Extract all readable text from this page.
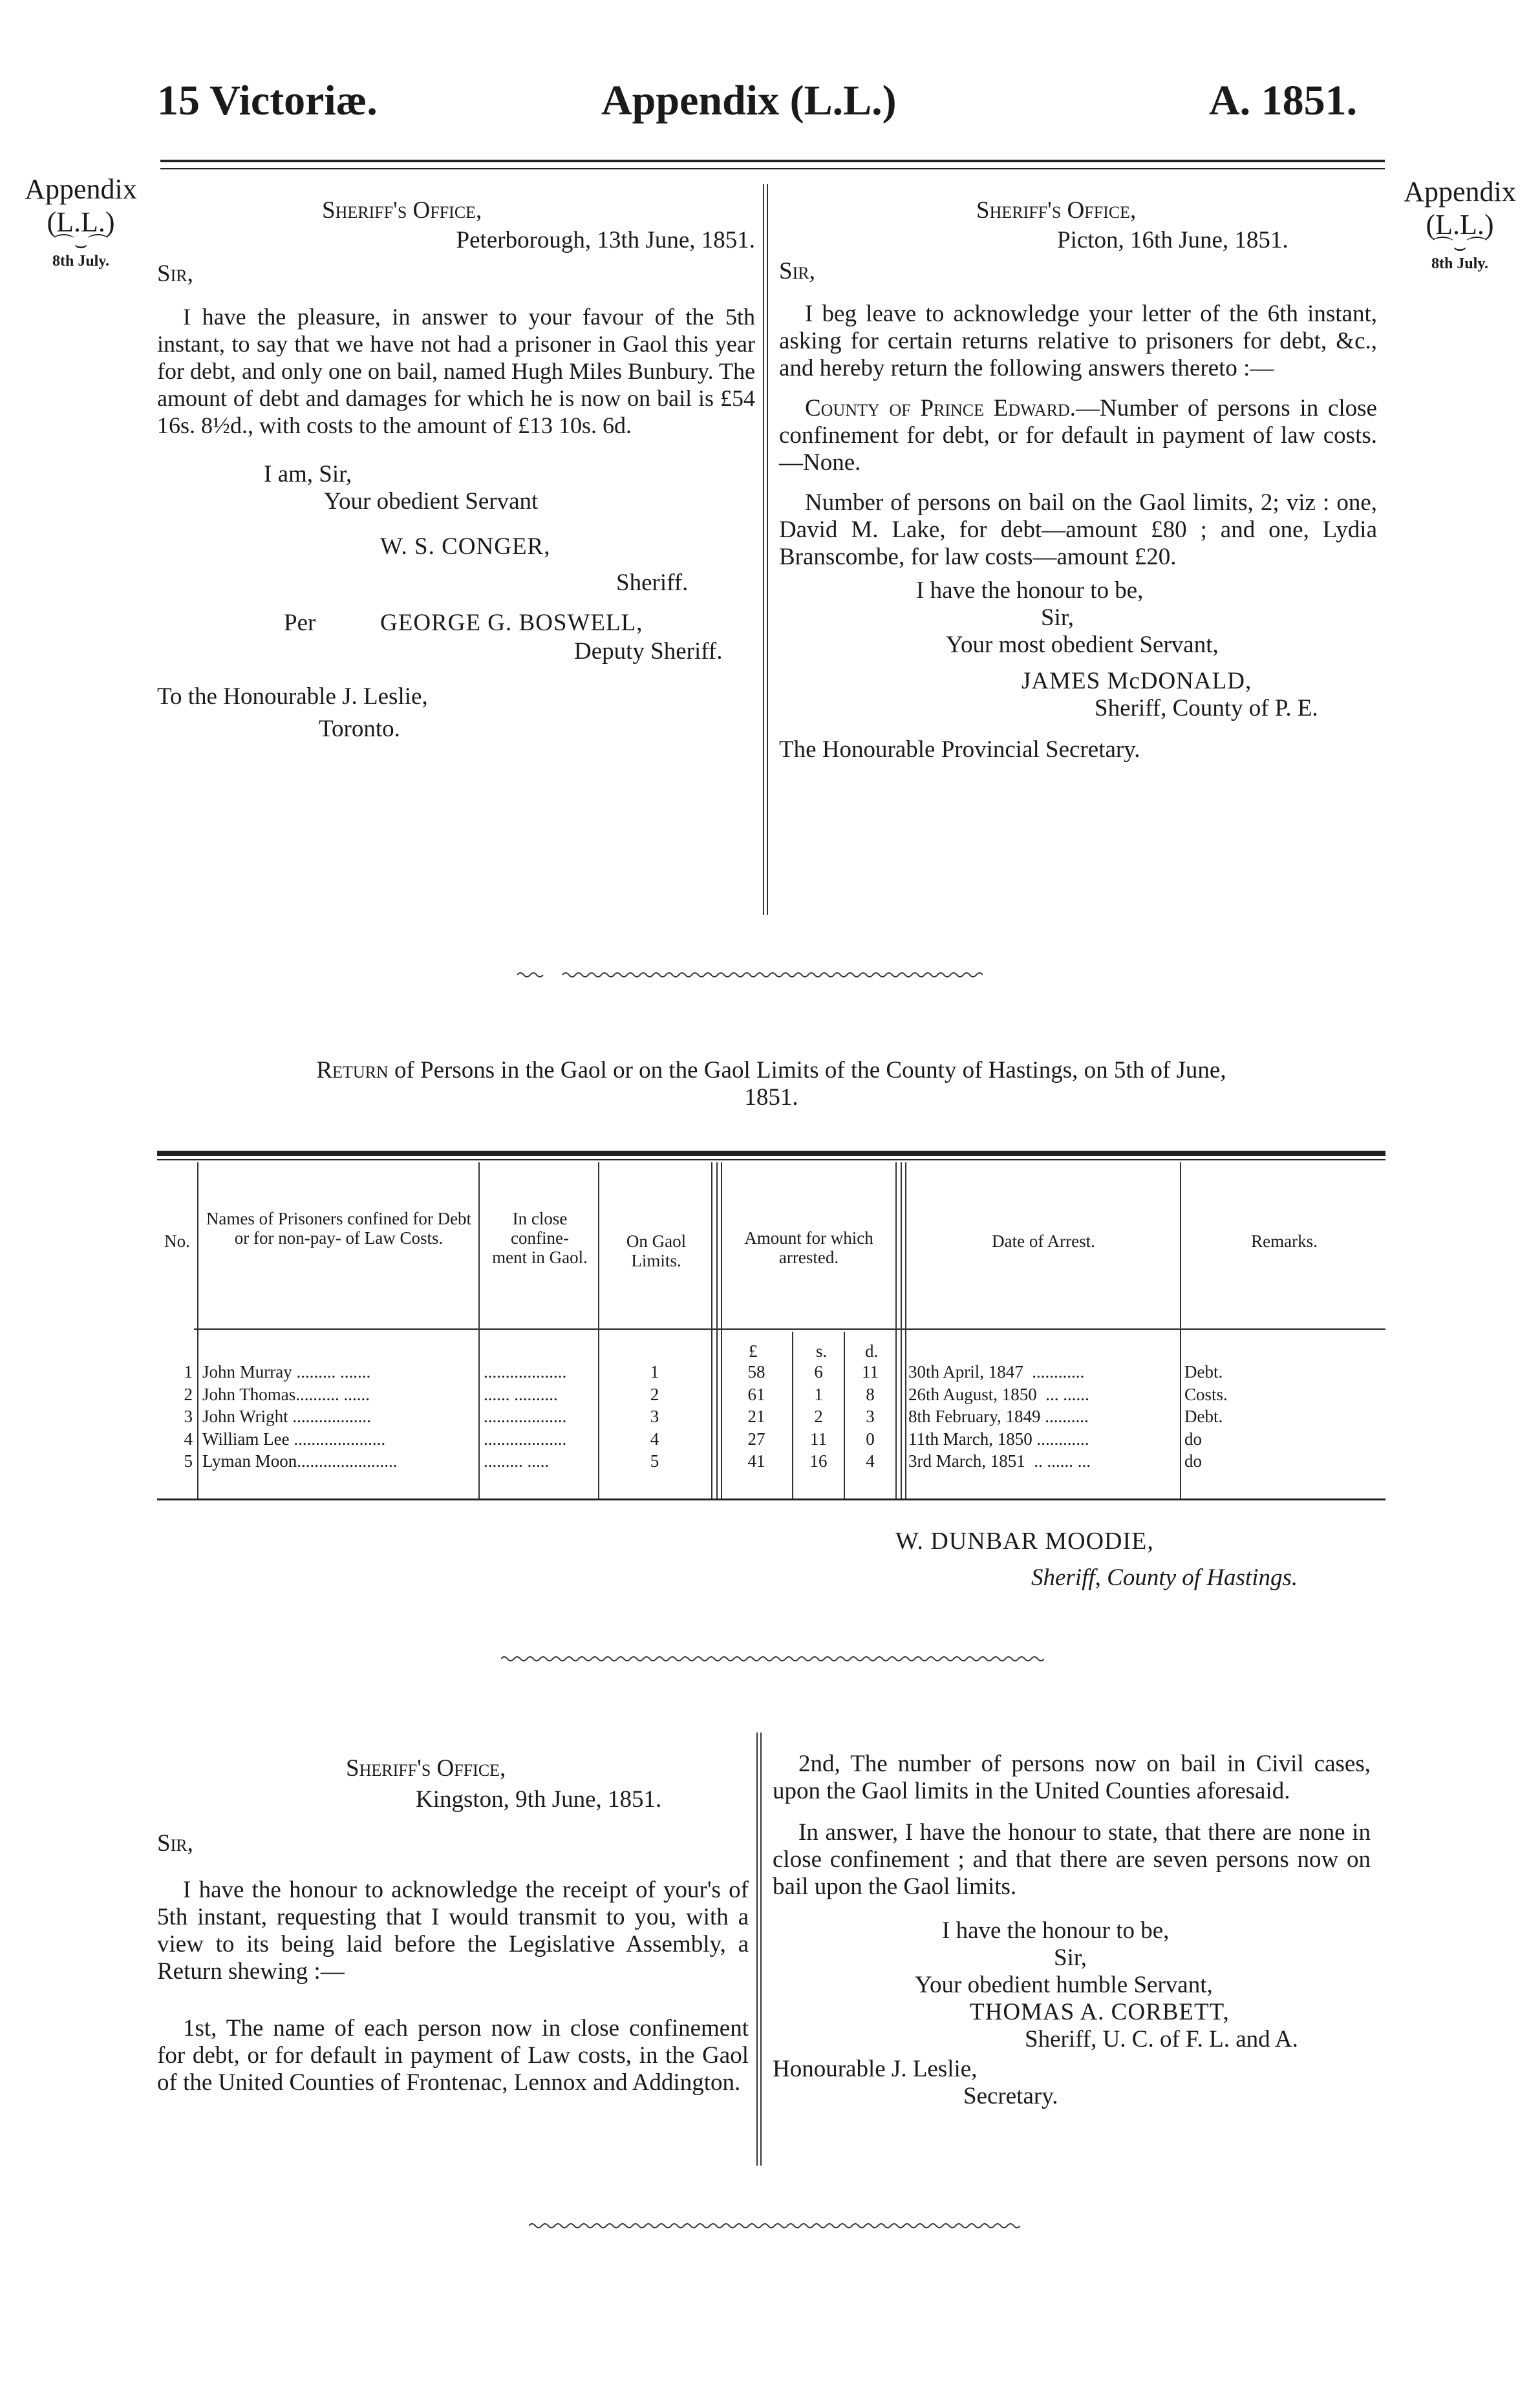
15 Victoriæ.	Appendix (L.L.)	A. 1851.
Appendix
(L.L.)
⌒⌣⌒
8th July.
Appendix
(L.L.)
⌒⌣⌒
8th July.
Sheriff's Office,
Peterborough, 13th June, 1851.
Sir,
I have the pleasure, in answer to your favour of the 5th instant, to say that we have not had a prisoner in Gaol this year for debt, and only one on bail, named Hugh Miles Bunbury. The amount of debt and damages for which he is now on bail is £54 16s. 8½d., with costs to the amount of £13 10s. 6d.
I am, Sir,
Your obedient Servant
W. S. CONGER,
Sheriff.
Per	GEORGE G. BOSWELL,
Deputy Sheriff.
To the Honourable J. Leslie,
Toronto.
Sheriff's Office,
Picton, 16th June, 1851.
Sir,
I beg leave to acknowledge your letter of the 6th instant, asking for certain returns relative to prisoners for debt, &c., and hereby return the following answers thereto :—
County of Prince Edward.—Number of persons in close confinement for debt, or for default in payment of law costs.—None.
Number of persons on bail on the Gaol limits, 2; viz : one, David M. Lake, for debt—amount £80 ; and one, Lydia Branscombe, for law costs—amount £20.
I have the honour to be,
Sir,
Your most obedient Servant,
JAMES McDONALD,
Sheriff, County of P. E.
The Honourable Provincial Secretary.
Return of Persons in the Gaol or on the Gaol Limits of the County of Hastings, on 5th of June,
1851.
No.
Names of Prisoners confined for Debt or for non-pay- of Law Costs.
In close confine- ment in Gaol.
On Gaol Limits.
Amount for which arrested.
Date of Arrest.	Remarks.
£	s. d.
1 John Murray ......... .......	...................	1	58	6	11	30th April, 1847  ............	Debt.
2 John Thomas.......... ......	...... ..........	2	61	1	8	26th August, 1850  ... ......	Costs.
3 John Wright ..................	...................	3	21	2	3	8th February, 1849 ..........	Debt.
4 William Lee .....................	...................	4	27	11	0	11th March, 1850 ............	do
5 Lyman Moon.......................	......... .....	5	41	16	4	3rd March, 1851  .. ...... ...	do
W. DUNBAR MOODIE,
Sheriff, County of Hastings.
Sheriff's Office,
Kingston, 9th June, 1851.
Sir,
I have the honour to acknowledge the receipt of your's of 5th instant, requesting that I would transmit to you, with a view to its being laid before the Legislative Assembly, a Return shewing :—
1st, The name of each person now in close confinement for debt, or for default in payment of Law costs, in the Gaol of the United Counties of Frontenac, Lennox and Addington.
2nd, The number of persons now on bail in Civil cases, upon the Gaol limits in the United Counties aforesaid.
In answer, I have the honour to state, that there are none in close confinement ; and that there are seven persons now on bail upon the Gaol limits.
I have the honour to be,
Sir,
Your obedient humble Servant,
THOMAS A. CORBETT,
Sheriff, U. C. of F. L. and A.
Honourable J. Leslie,
Secretary.
